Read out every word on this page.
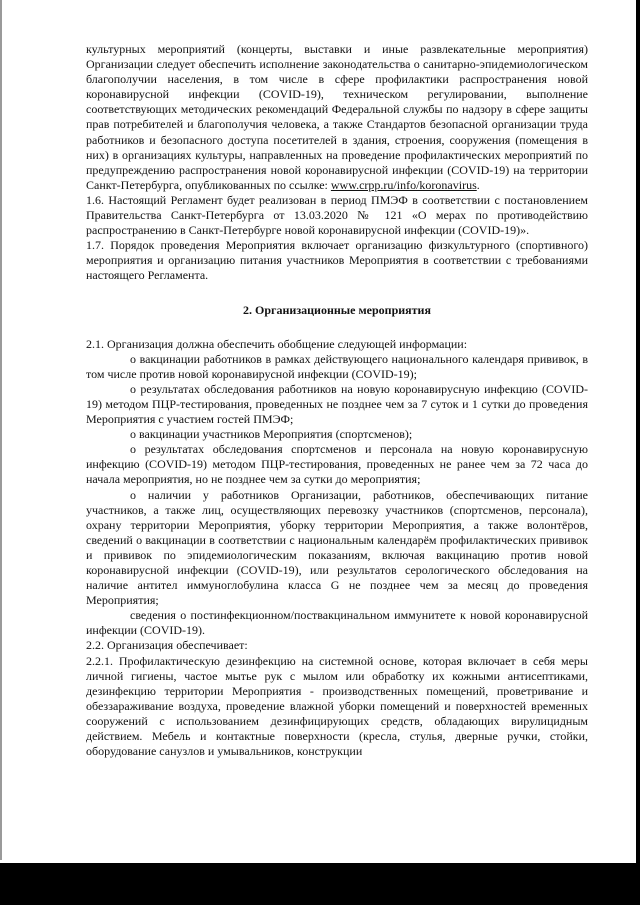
культурных мероприятий (концерты, выставки и иные развлекательные мероприятия) Организации следует обеспечить исполнение законодательства о санитарно-эпидемиологическом благополучии населения, в том числе в сфере профилактики распространения новой коронавирусной инфекции (COVID-19), техническом регулировании, выполнение соответствующих методических рекомендаций Федеральной службы по надзору в сфере защиты прав потребителей и благополучия человека, а также Стандартов безопасной организации труда работников и безопасного доступа посетителей в здания, строения, сооружения (помещения в них) в организациях культуры, направленных на проведение профилактических мероприятий по предупреждению распространения новой коронавирусной инфекции (COVID-19) на территории Санкт-Петербурга, опубликованных по ссылке: www.crpp.ru/info/koronavirus.

1.6. Настоящий Регламент будет реализован в период ПМЭФ в соответствии с постановлением Правительства Санкт-Петербурга от 13.03.2020 № 121 «О мерах по противодействию распространению в Санкт-Петербурге новой коронавирусной инфекции (COVID-19)».

1.7. Порядок проведения Мероприятия включает организацию физкультурного (спортивного) мероприятия и организацию питания участников Мероприятия в соответствии с требованиями настоящего Регламента.

2. Организационные мероприятия

2.1. Организация должна обеспечить обобщение следующей информации:

о вакцинации работников в рамках действующего национального календаря прививок, в том числе против новой коронавирусной инфекции (COVID-19);

о результатах обследования работников на новую коронавирусную инфекцию (COVID-19) методом ПЦР-тестирования, проведенных не позднее чем за 7 суток и 1 сутки до проведения Мероприятия с участием гостей ПМЭФ;

о вакцинации участников Мероприятия (спортсменов);

о результатах обследования спортсменов и персонала на новую коронавирусную инфекцию (COVID-19) методом ПЦР-тестирования, проведенных не ранее чем за 72 часа до начала мероприятия, но не позднее чем за сутки до мероприятия;

о наличии у работников Организации, работников, обеспечивающих питание участников, а также лиц, осуществляющих перевозку участников (спортсменов, персонала), охрану территории Мероприятия, уборку территории Мероприятия, а также волонтёров, сведений о вакцинации в соответствии с национальным календарём профилактических прививок и прививок по эпидемиологическим показаниям, включая вакцинацию против новой коронавирусной инфекции (COVID-19), или результатов серологического обследования на наличие антител иммуноглобулина класса G не позднее чем за месяц до проведения Мероприятия;

сведения о постинфекционном/поствакцинальном иммунитете к новой коронавирусной инфекции (COVID-19).

2.2. Организация обеспечивает:

2.2.1. Профилактическую дезинфекцию на системной основе, которая включает в себя меры личной гигиены, частое мытье рук с мылом или обработку их кожными антисептиками, дезинфекцию территории Мероприятия - производственных помещений, проветривание и обеззараживание воздуха, проведение влажной уборки помещений и поверхностей временных сооружений с использованием дезинфицирующих средств, обладающих вирулицидным действием. Мебель и контактные поверхности (кресла, стулья, дверные ручки, стойки, оборудование санузлов и умывальников, конструкции
